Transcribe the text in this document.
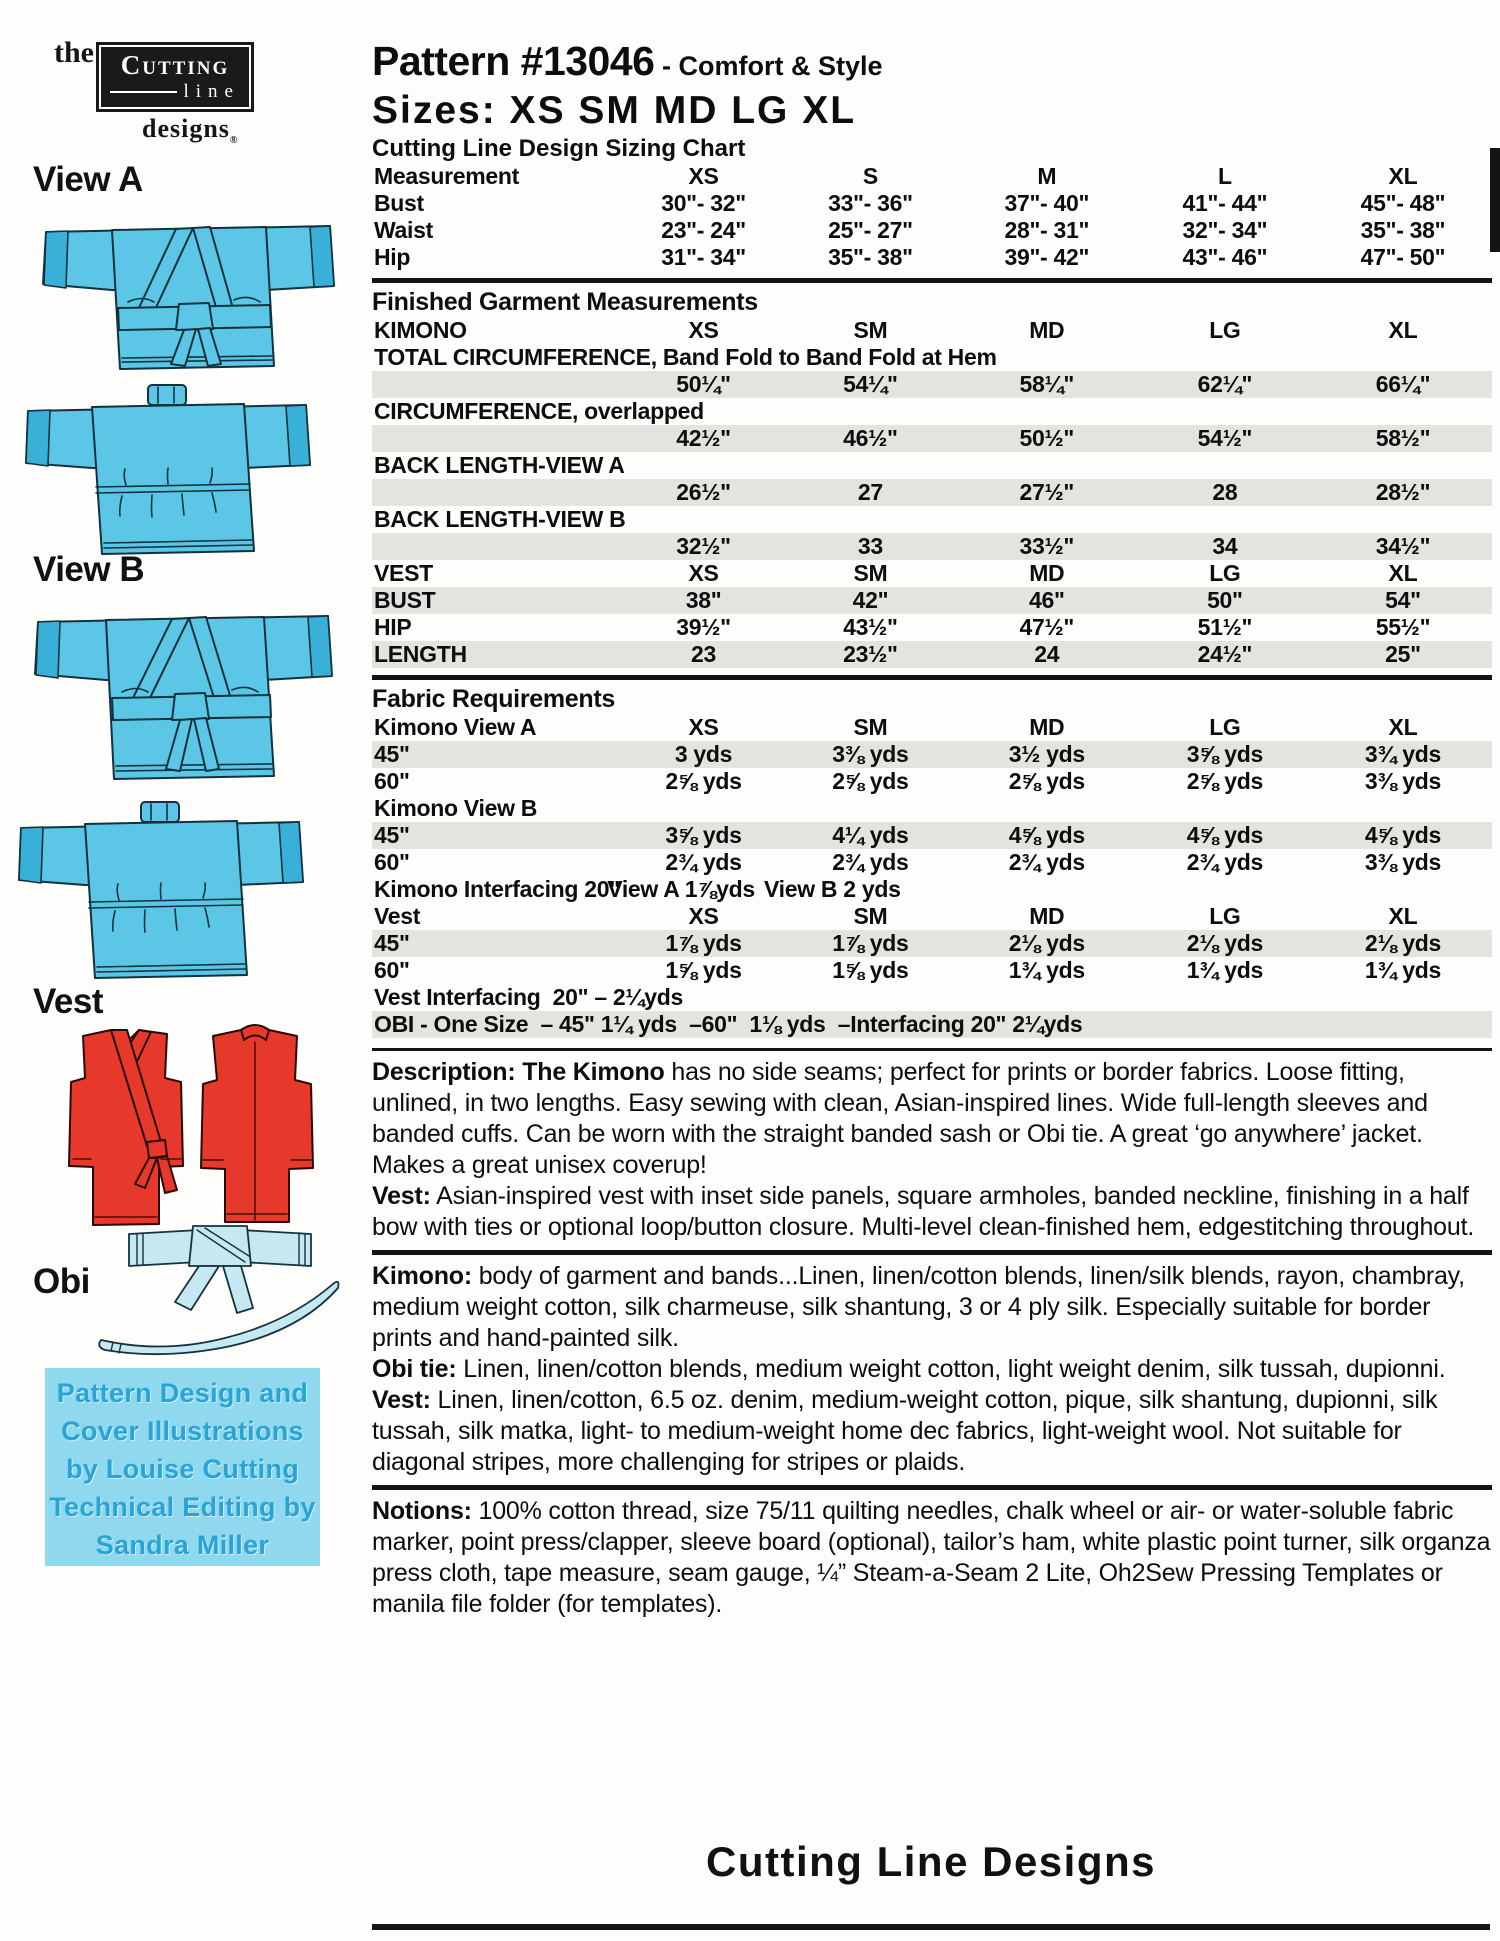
the Cutting
line
designs$_®$
View A
View B
Vest
Obi
Pattern Design and
Cover Illustrations
by Louise Cutting
Technical Editing by
Sandra Miller
Pattern #13046 - Comfort & Style
Sizes: XS SM MD LG XL
Cutting Line Design Sizing Chart
Measurement	XS	S	M	L	XL
Bust	30"- 32"	33"- 36"	37"- 40"	41"- 44"	45"- 48"
Waist	23"- 24"	25"- 27"	28"- 31"	32"- 34"	35"- 38"
Hip	31"- 34"	35"- 38"	39"- 42"	43"- 46"	47"- 50"
Finished Garment Measurements
KIMONO	XS	SM	MD	LG	XL
TOTAL CIRCUMFERENCE, Band Fold to Band Fold at Hem
50¼"	54¼"	58¼"	62¼"	66¼"
CIRCUMFERENCE, overlapped
42½"	46½"	50½"	54½"	58½"
BACK LENGTH-VIEW A
26½"	27	27½"	28	28½"
BACK LENGTH-VIEW B
32½"	33	33½"	34	34½"
VEST	XS	SM	MD	LG	XL
BUST	38"	42"	46"	50"	54"
HIP	39½"	43½"	47½"	51½"	55½"
LENGTH	23	23½"	24	24½"	25"
Fabric Requirements
Kimono View A	XS	SM	MD	LG	XL
45"	3 yds	3⅜ yds	3½ yds	3⅝ yds	3¾ yds
60"	2⅝ yds	2⅝ yds	2⅝ yds	2⅝ yds	3⅜ yds
Kimono View B
45"	3⅝ yds	4¼ yds	4⅝ yds	4⅝ yds	4⅝ yds
60"	2¾ yds	2¾ yds	2¾ yds	2¾ yds	3⅜ yds
Kimono Interfacing 20"
View A 1⅞yds View B 2 yds
Vest	XS	SM	MD	LG	XL
45"	1⅞ yds	1⅞ yds	2⅛ yds	2⅛ yds	2⅛ yds
60"	1⅝ yds	1⅝ yds	1¾ yds	1¾ yds	1¾ yds
Vest Interfacing  20" – 2¼yds
OBI - One Size  – 45" 1¼ yds  –60"  1⅛ yds  –Interfacing 20" 2¼yds
Description: The Kimono has no side seams; perfect for prints or border fabrics. Loose fitting, unlined, in two lengths. Easy sewing with clean, Asian-inspired lines. Wide full-length sleeves and banded cuffs. Can be worn with the straight banded sash or Obi tie. A great ‘go anywhere’ jacket. Makes a great unisex coverup!
Vest: Asian-inspired vest with inset side panels, square armholes, banded neckline, finishing in a half bow with ties or optional loop/button closure. Multi-level clean-finished hem, edgestitching throughout.
Kimono: body of garment and bands...Linen, linen/cotton blends, linen/silk blends, rayon, chambray, medium weight cotton, silk charmeuse, silk shantung, 3 or 4 ply silk. Especially suitable for border prints and hand-painted silk.
Obi tie: Linen, linen/cotton blends, medium weight cotton, light weight denim, silk tussah, dupionni.
Vest: Linen, linen/cotton, 6.5 oz. denim, medium-weight cotton, pique, silk shantung, dupionni, silk tussah, silk matka, light- to medium-weight home dec fabrics, light-weight wool. Not suitable for diagonal stripes, more challenging for stripes or plaids.
Notions: 100% cotton thread, size 75/11 quilting needles, chalk wheel or air- or water-soluble fabric marker, point press/clapper, sleeve board (optional), tailor’s ham, white plastic point turner, silk organza press cloth, tape measure, seam gauge, ¼” Steam-a-Seam 2 Lite, Oh2Sew Pressing Templates or manila file folder (for templates).
Cutting Line Designs
